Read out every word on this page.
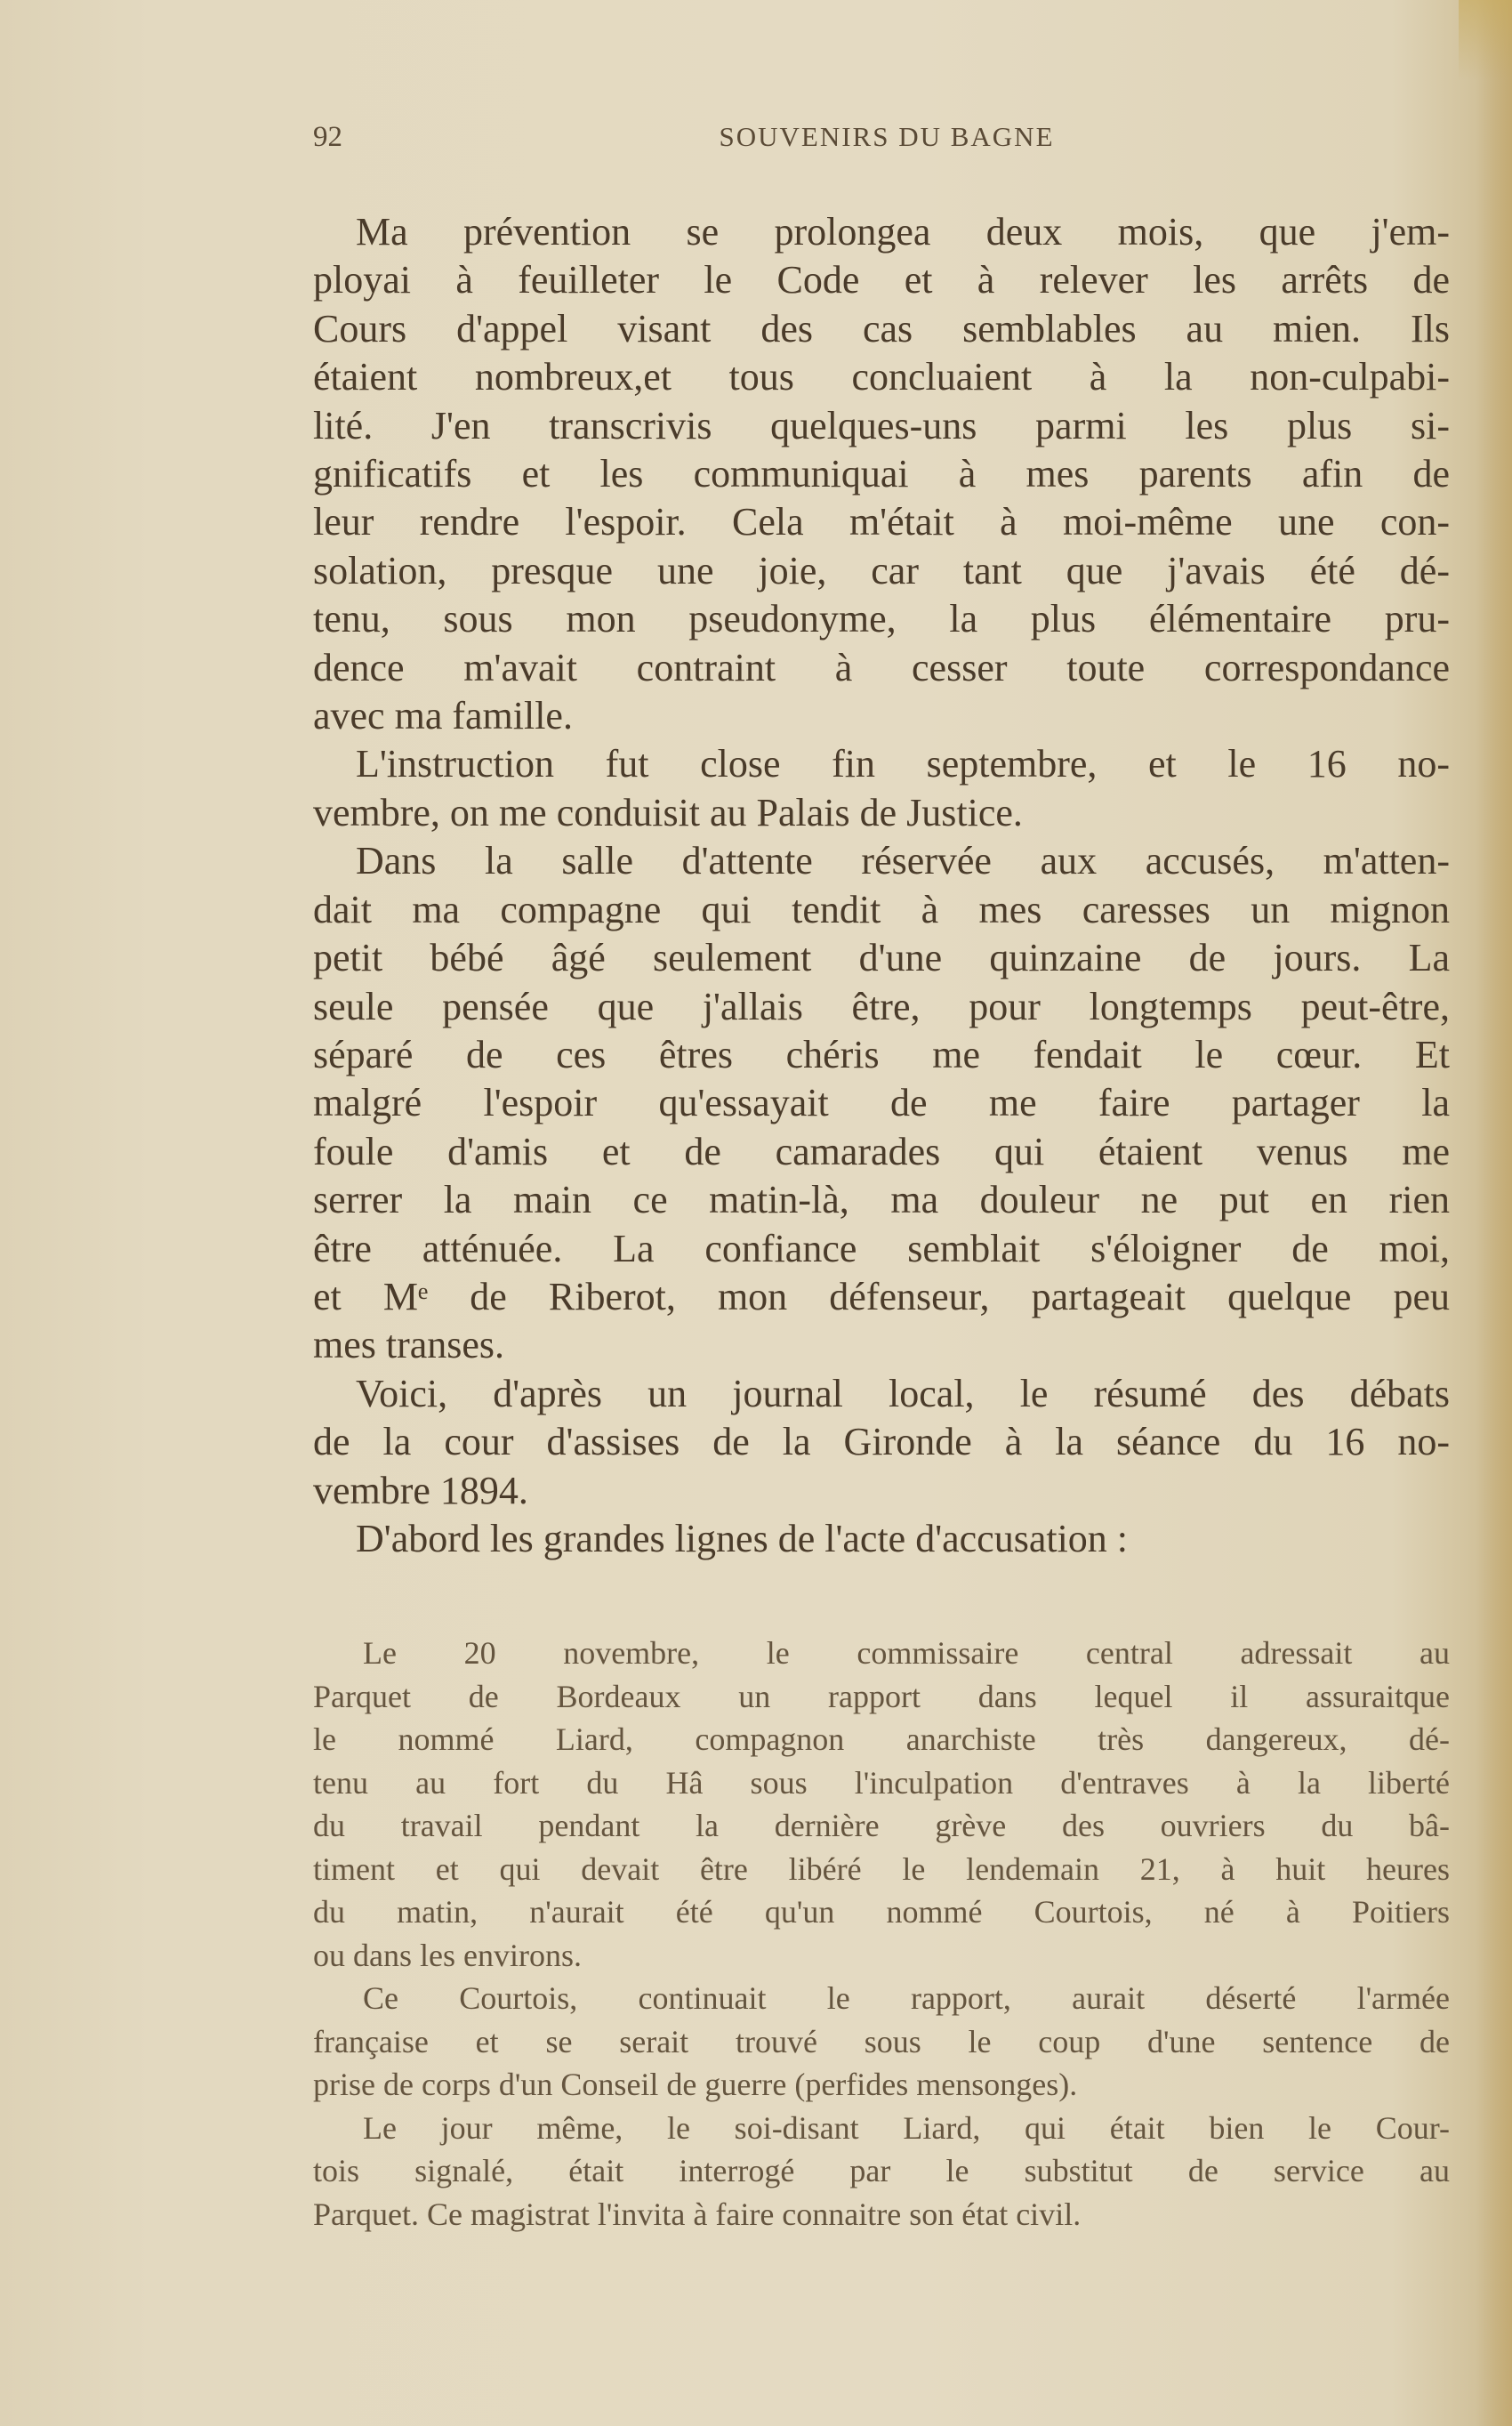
92	SOUVENIRS DU BAGNE
Ma prévention se prolongea deux mois, que j'em-
ployai à feuilleter le Code et à relever les arrêts de
Cours d'appel visant des cas semblables au mien. Ils
étaient nombreux,et tous concluaient à la non-culpabi-
lité. J'en transcrivis quelques-uns parmi les plus si-
gnificatifs et les communiquai à mes parents afin de
leur rendre l'espoir. Cela m'était à moi-même une con-
solation, presque une joie, car tant que j'avais été dé-
tenu, sous mon pseudonyme, la plus élémentaire pru-
dence m'avait contraint à cesser toute correspondance
avec ma famille.
L'instruction fut close fin septembre, et le 16 no-
vembre, on me conduisit au Palais de Justice.
Dans la salle d'attente réservée aux accusés, m'atten-
dait ma compagne qui tendit à mes caresses un mignon
petit bébé âgé seulement d'une quinzaine de jours. La
seule pensée que j'allais être, pour longtemps peut-être,
séparé de ces êtres chéris me fendait le cœur. Et
malgré l'espoir qu'essayait de me faire partager la
foule d'amis et de camarades qui étaient venus me
serrer la main ce matin-là, ma douleur ne put en rien
être atténuée. La confiance semblait s'éloigner de moi,
et Mᵉ de Riberot, mon défenseur, partageait quelque peu
mes transes.
Voici, d'après un journal local, le résumé des débats
de la cour d'assises de la Gironde à la séance du 16 no-
vembre 1894.
D'abord les grandes lignes de l'acte d'accusation :
Le 20 novembre, le commissaire central adressait au
Parquet de Bordeaux un rapport dans lequel il assuraitque
le nommé Liard, compagnon anarchiste très dangereux, dé-
tenu au fort du Hâ sous l'inculpation d'entraves à la liberté
du travail pendant la dernière grève des ouvriers du bâ-
timent et qui devait être libéré le lendemain 21, à huit heures
du matin, n'aurait été qu'un nommé Courtois, né à Poitiers
ou dans les environs.
Ce Courtois, continuait le rapport, aurait déserté l'armée
française et se serait trouvé sous le coup d'une sentence de
prise de corps d'un Conseil de guerre (perfides mensonges).
Le jour même, le soi-disant Liard, qui était bien le Cour-
tois signalé, était interrogé par le substitut de service au
Parquet. Ce magistrat l'invita à faire connaitre son état civil.
